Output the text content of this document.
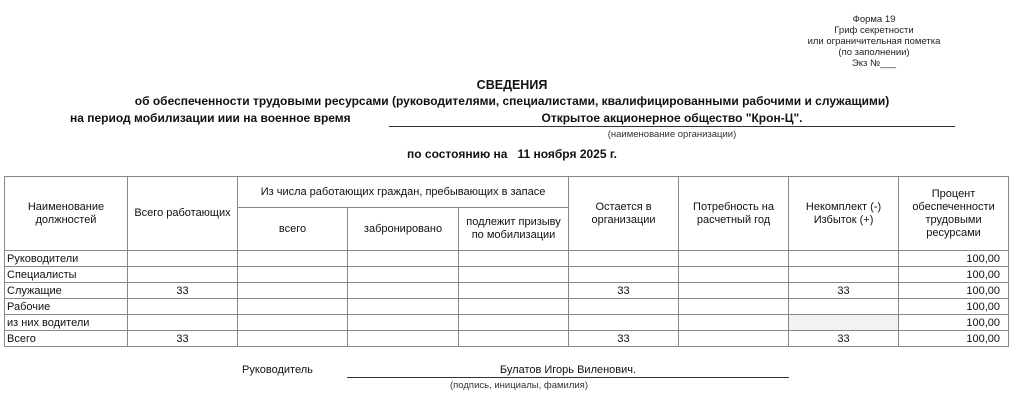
Форма 19
Гриф секретности
или ограничительная пометка
(по заполнении)
Экз №___
СВЕДЕНИЯ
об обеспеченности трудовыми ресурсами (руководителями, специалистами, квалифицированными рабочими и служащими)
на период мобилизации иии на военное время	Открытое акционерное общество "Крон-Ц".
(наименование организации)
по состоянию на 11 ноября 2025 г.
Наименование должностей	Всего работающих	Из числа работающих граждан, пребывающих в запасе			Остается в организации	Потребность на расчетный год	Некомплект (-) Избыток (+)	Процент обеспеченности трудовыми ресурсами
		всего	забронировано	подлежит призыву по мобилизации				
Руководители								100,00
Специалисты								100,00
Служащие	33				33		33	100,00
Рабочие								100,00
из них водители								100,00
Всего	33				33		33	100,00
Руководитель	Булатов Игорь Виленович.
(подпись, инициалы, фамилия)
